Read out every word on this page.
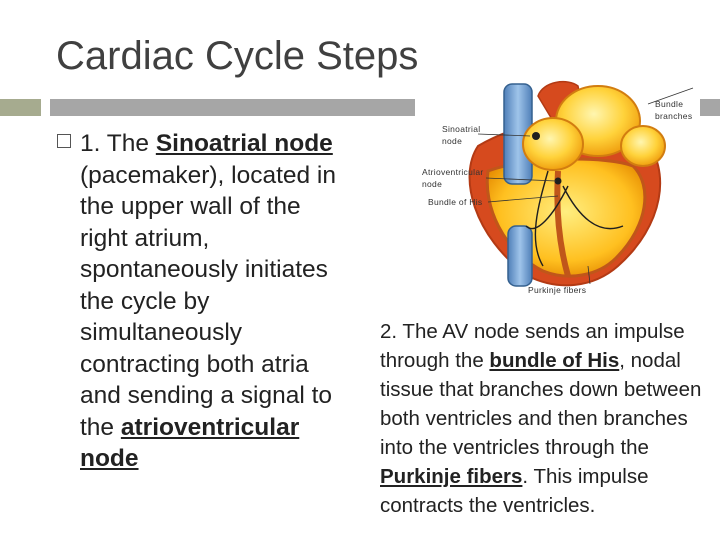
Cardiac Cycle Steps
1. The Sinoatrial node (pacemaker), located in the upper wall of the right atrium, spontaneously initiates the cycle by simultaneously contracting both atria and sending a signal to the atrioventricular node
2. The AV node sends an impulse through the bundle of His, nodal tissue that branches down between both ventricles and then branches into the ventricles through the Purkinje fibers. This impulse contracts the ventricles.
Bundle
branches
Sinoatrial
node
Atrioventricular
node
Bundle of His
Purkinje fibers
